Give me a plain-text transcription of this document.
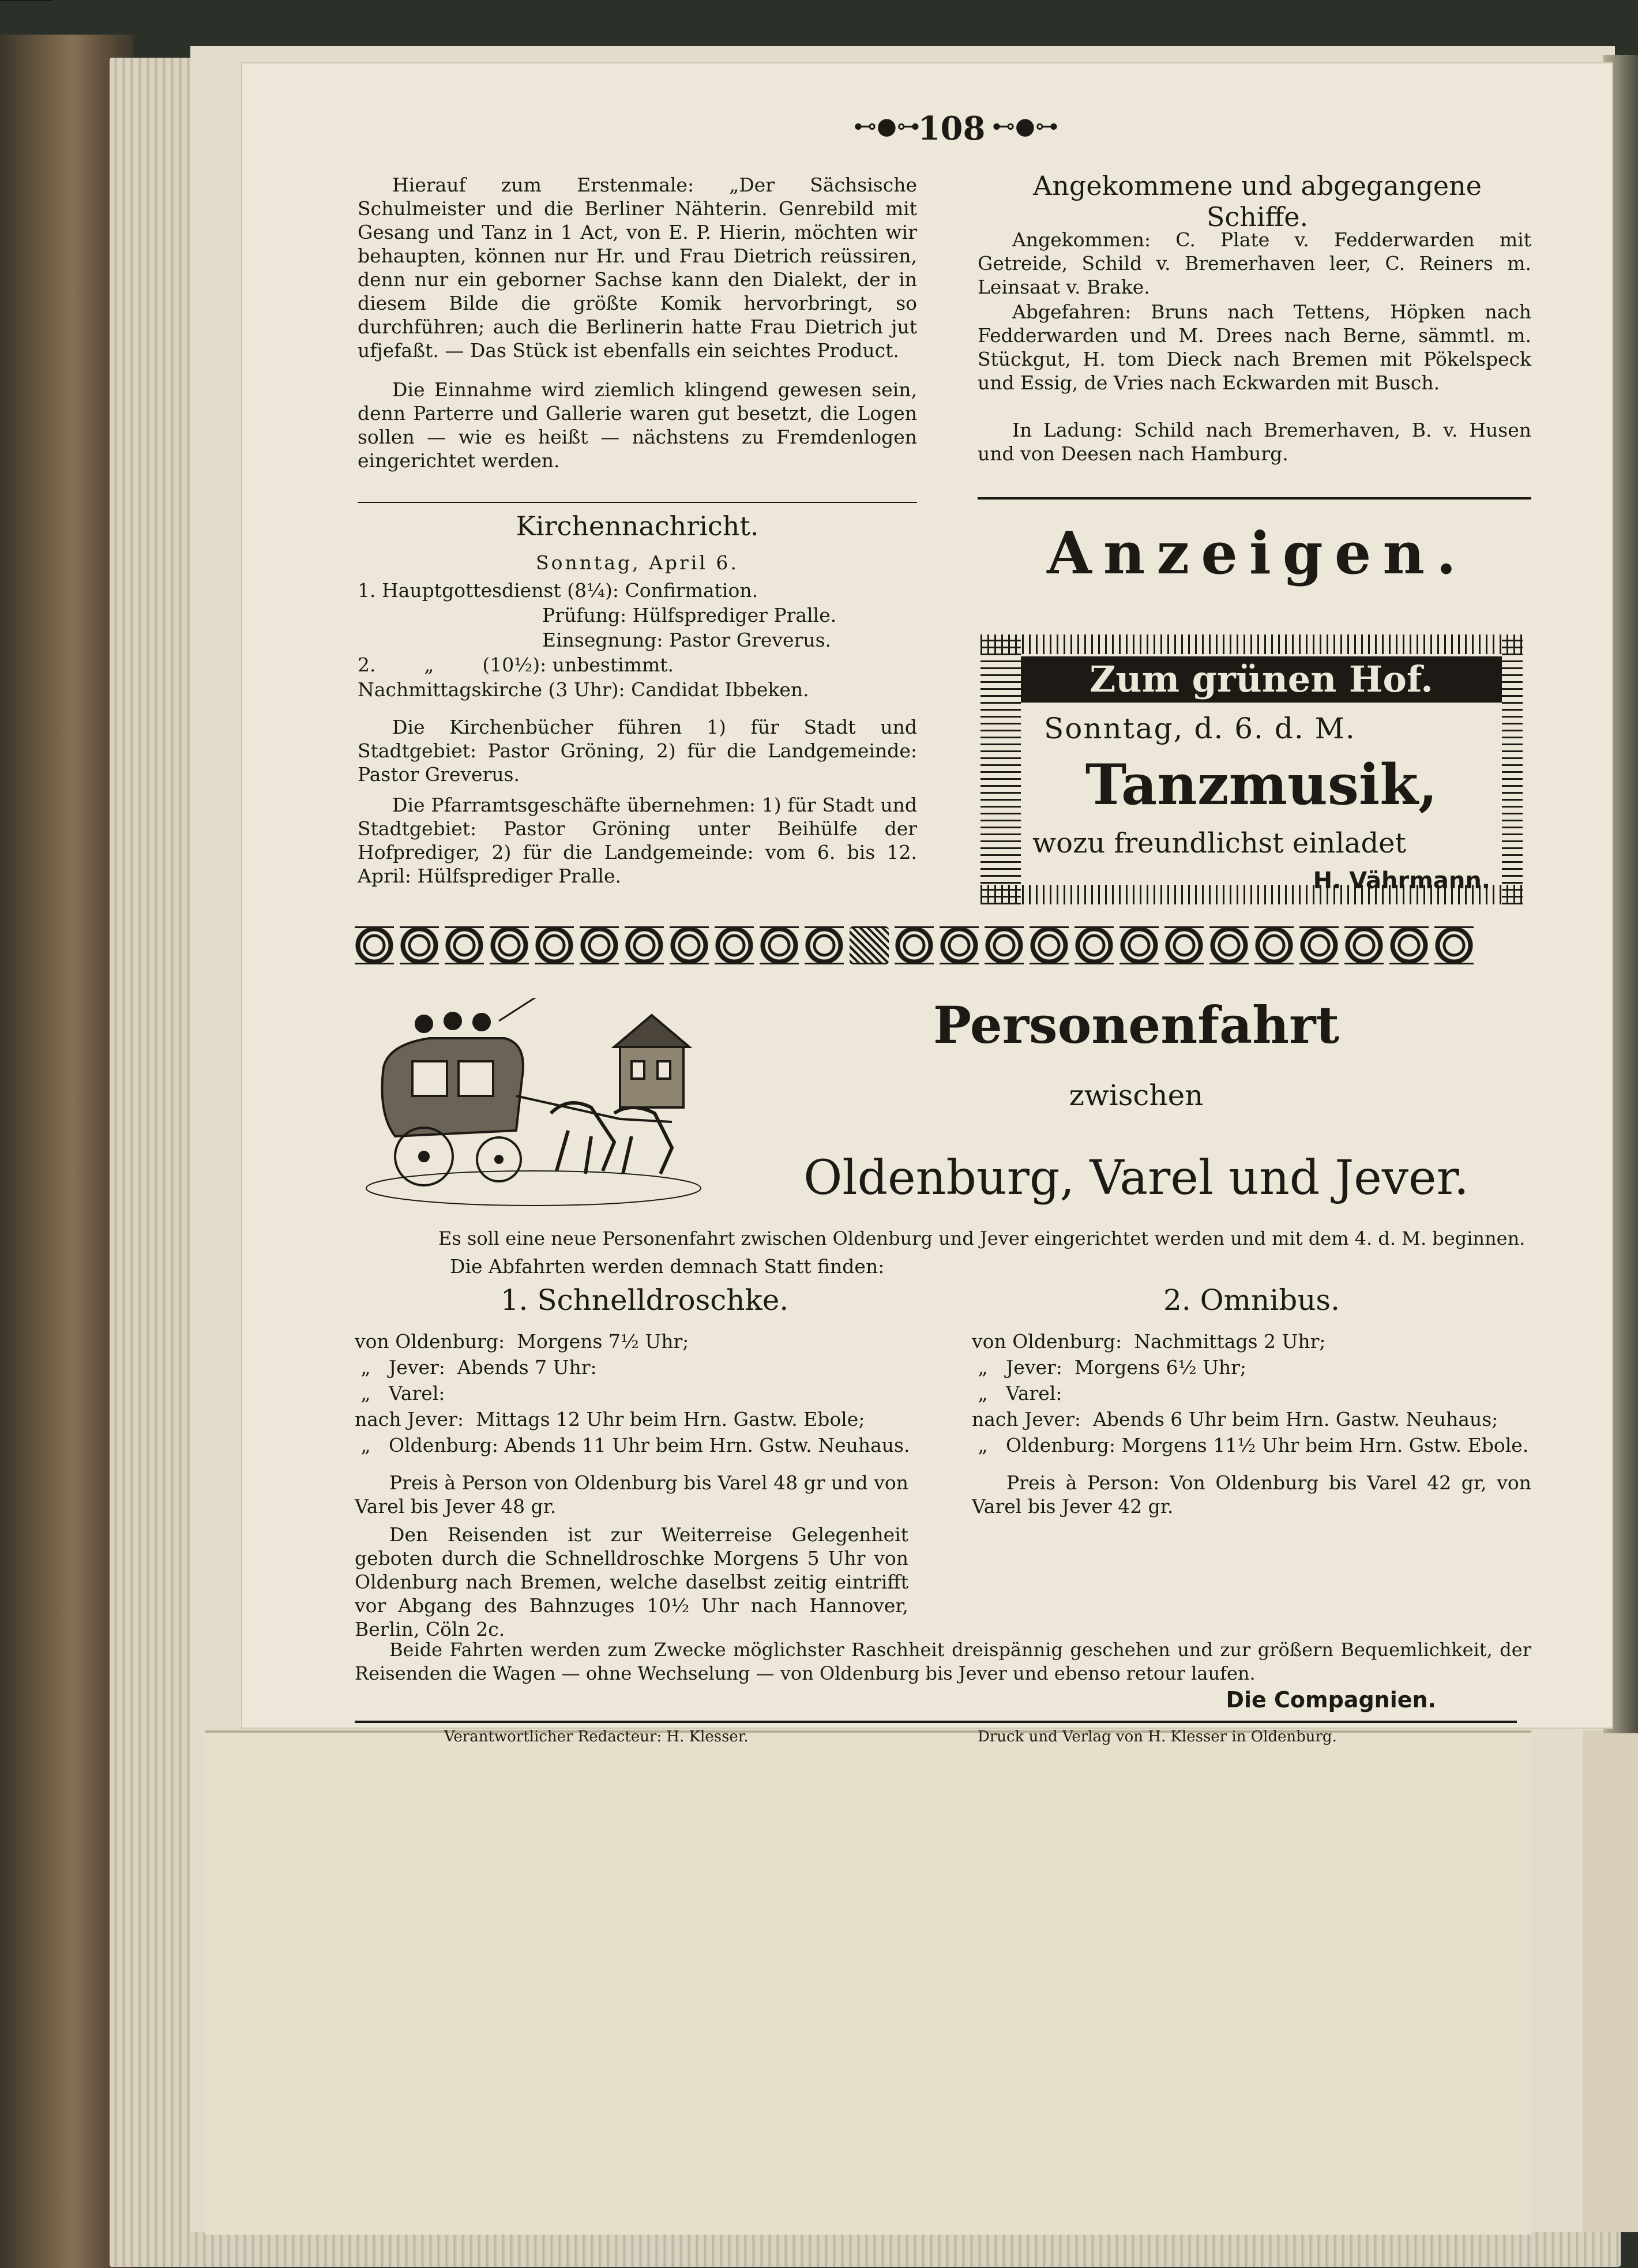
⊷●⊶
108 ⊷●⊶

Hierauf zum Erstenmale: „Der Sächsische Schulmeister und die Berliner Nähterin. Genrebild mit Gesang und Tanz in 1 Act, von E. P. Hierin, möchten wir behaupten, können nur Hr. und Frau Dietrich reüssiren, denn nur ein geborner Sachse kann den Dialekt, der in diesem Bilde die größte Komik hervorbringt, so durchführen; auch die Berlinerin hatte Frau Dietrich jut ufjefaßt. — Das Stück ist ebenfalls ein seichtes Product.

Die Einnahme wird ziemlich klingend gewesen sein, denn Parterre und Gallerie waren gut besetzt, die Logen sollen — wie es heißt — nächstens zu Fremdenlogen eingerichtet werden.

Kirchennachricht.
Sonntag, April 6.
1. Hauptgottesdienst (8¼): Confirmation.
Prüfung: Hülfsprediger Pralle.
Einsegnung: Pastor Greverus.
2.        „        (10½): unbestimmt.
Nachmittagskirche (3 Uhr): Candidat Ibbeken.

Die Kirchenbücher führen 1) für Stadt und Stadtgebiet: Pastor Gröning, 2) für die Landgemeinde: Pastor Greverus.

Die Pfarramtsgeschäfte übernehmen: 1) für Stadt und Stadtgebiet: Pastor Gröning unter Beihülfe der Hofprediger, 2) für die Landgemeinde: vom 6. bis 12. April: Hülfsprediger Pralle.

Angekommene und abgegangene Schiffe.

Angekommen: C. Plate v. Fedderwarden mit Getreide, Schild v. Bremerhaven leer, C. Reiners m. Leinsaat v. Brake.

Abgefahren: Bruns nach Tettens, Höpken nach Fedderwarden und M. Drees nach Berne, sämmtl. m. Stückgut, H. tom Dieck nach Bremen mit Pökelspeck und Essig, de Vries nach Eckwarden mit Busch.

In Ladung: Schild nach Bremerhaven, B. v. Husen und von Deesen nach Hamburg.

Anzeigen.
Zum grünen Hof.
Sonntag, d. 6. d. M.
Tanzmusik,
wozu freundlichst einladet
H. Vährmann.
Personenfahrt
zwischen
Oldenburg, Varel und Jever.
Es soll eine neue Personenfahrt zwischen Oldenburg und Jever eingerichtet werden und mit dem 4. d. M. beginnen.
Die Abfahrten werden demnach Statt finden:
1. Schnelldroschke.
von Oldenburg:  Morgens 7½ Uhr;
„   Jever:  Abends 7 Uhr:
„   Varel:
nach Jever:  Mittags 12 Uhr beim Hrn. Gastw. Ebole;
„   Oldenburg: Abends 11 Uhr beim Hrn. Gstw. Neuhaus.

Preis à Person von Oldenburg bis Varel 48 gr und von Varel bis Jever 48 gr.

Den Reisenden ist zur Weiterreise Gelegenheit geboten durch die Schnelldroschke Morgens 5 Uhr von Oldenburg nach Bremen, welche daselbst zeitig eintrifft vor Abgang des Bahnzuges 10½ Uhr nach Hannover, Berlin, Cöln 2c.

2. Omnibus.
von Oldenburg:  Nachmittags 2 Uhr;
„   Jever:  Morgens 6½ Uhr;
„   Varel:
nach Jever:  Abends 6 Uhr beim Hrn. Gastw. Neuhaus;
„   Oldenburg: Morgens 11½ Uhr beim Hrn. Gstw. Ebole.

Preis à Person: Von Oldenburg bis Varel 42 gr, von Varel bis Jever 42 gr.

Beide Fahrten werden zum Zwecke möglichster Raschheit dreispännig geschehen und zur größern Bequemlichkeit, der Reisenden die Wagen — ohne Wechselung — von Oldenburg bis Jever und ebenso retour laufen.

Die Compagnien.
Verantwortlicher Redacteur: H. Klesser.	Druck und Verlag von H. Klesser in Oldenburg.
